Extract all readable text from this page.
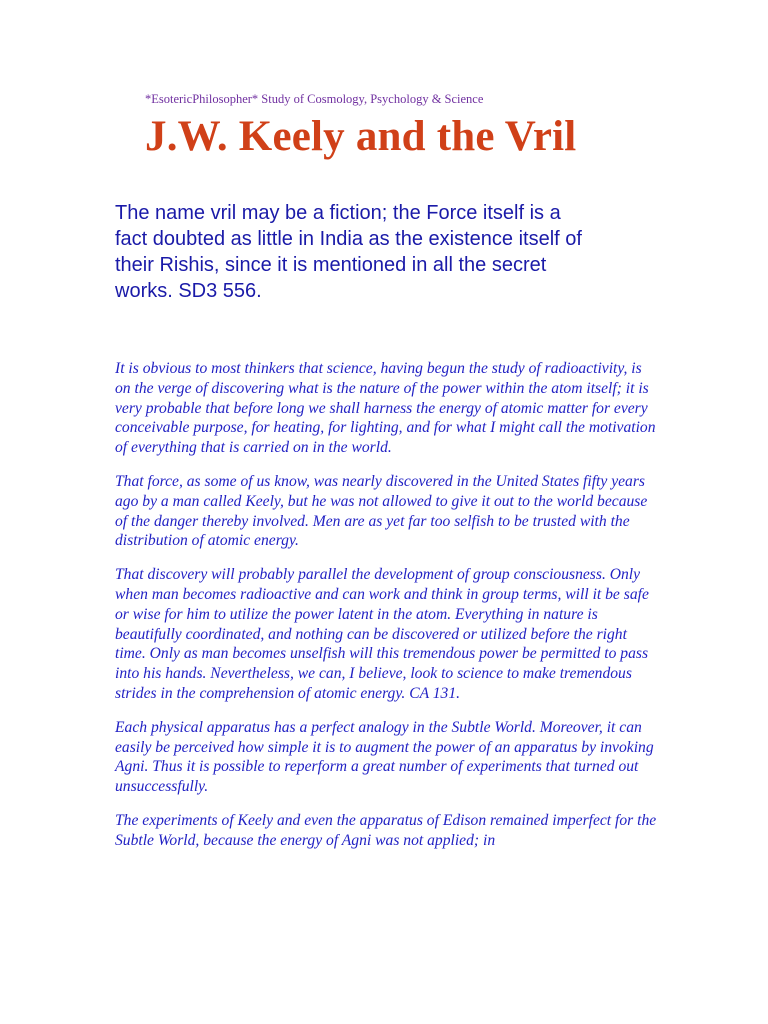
*EsotericPhilosopher* Study of Cosmology, Psychology & Science
J.W. Keely and the Vril

The name vril may be a fiction; the Force itself is a fact doubted as little in India as the existence itself of their Rishis, since it is mentioned in all the secret works. SD3 556.

It is obvious to most thinkers that science, having begun the study of radioactivity, is on the verge of discovering what is the nature of the power within the atom itself; it is very probable that before long we shall harness the energy of atomic matter for every conceivable purpose, for heating, for lighting, and for what I might call the motivation of everything that is carried on in the world.

That force, as some of us know, was nearly discovered in the United States fifty years ago by a man called Keely, but he was not allowed to give it out to the world because of the danger thereby involved. Men are as yet far too selfish to be trusted with the distribution of atomic energy.

That discovery will probably parallel the development of group consciousness. Only when man becomes radioactive and can work and think in group terms, will it be safe or wise for him to utilize the power latent in the atom. Everything in nature is beautifully coordinated, and nothing can be discovered or utilized before the right time. Only as man becomes unselfish will this tremendous power be permitted to pass into his hands. Nevertheless, we can, I believe, look to science to make tremendous strides in the comprehension of atomic energy. CA 131.

Each physical apparatus has a perfect analogy in the Subtle World. Moreover, it can easily be perceived how simple it is to augment the power of an apparatus by invoking Agni. Thus it is possible to reperform a great number of experiments that turned out unsuccessfully.

The experiments of Keely and even the apparatus of Edison remained imperfect for the Subtle World, because the energy of Agni was not applied; in
